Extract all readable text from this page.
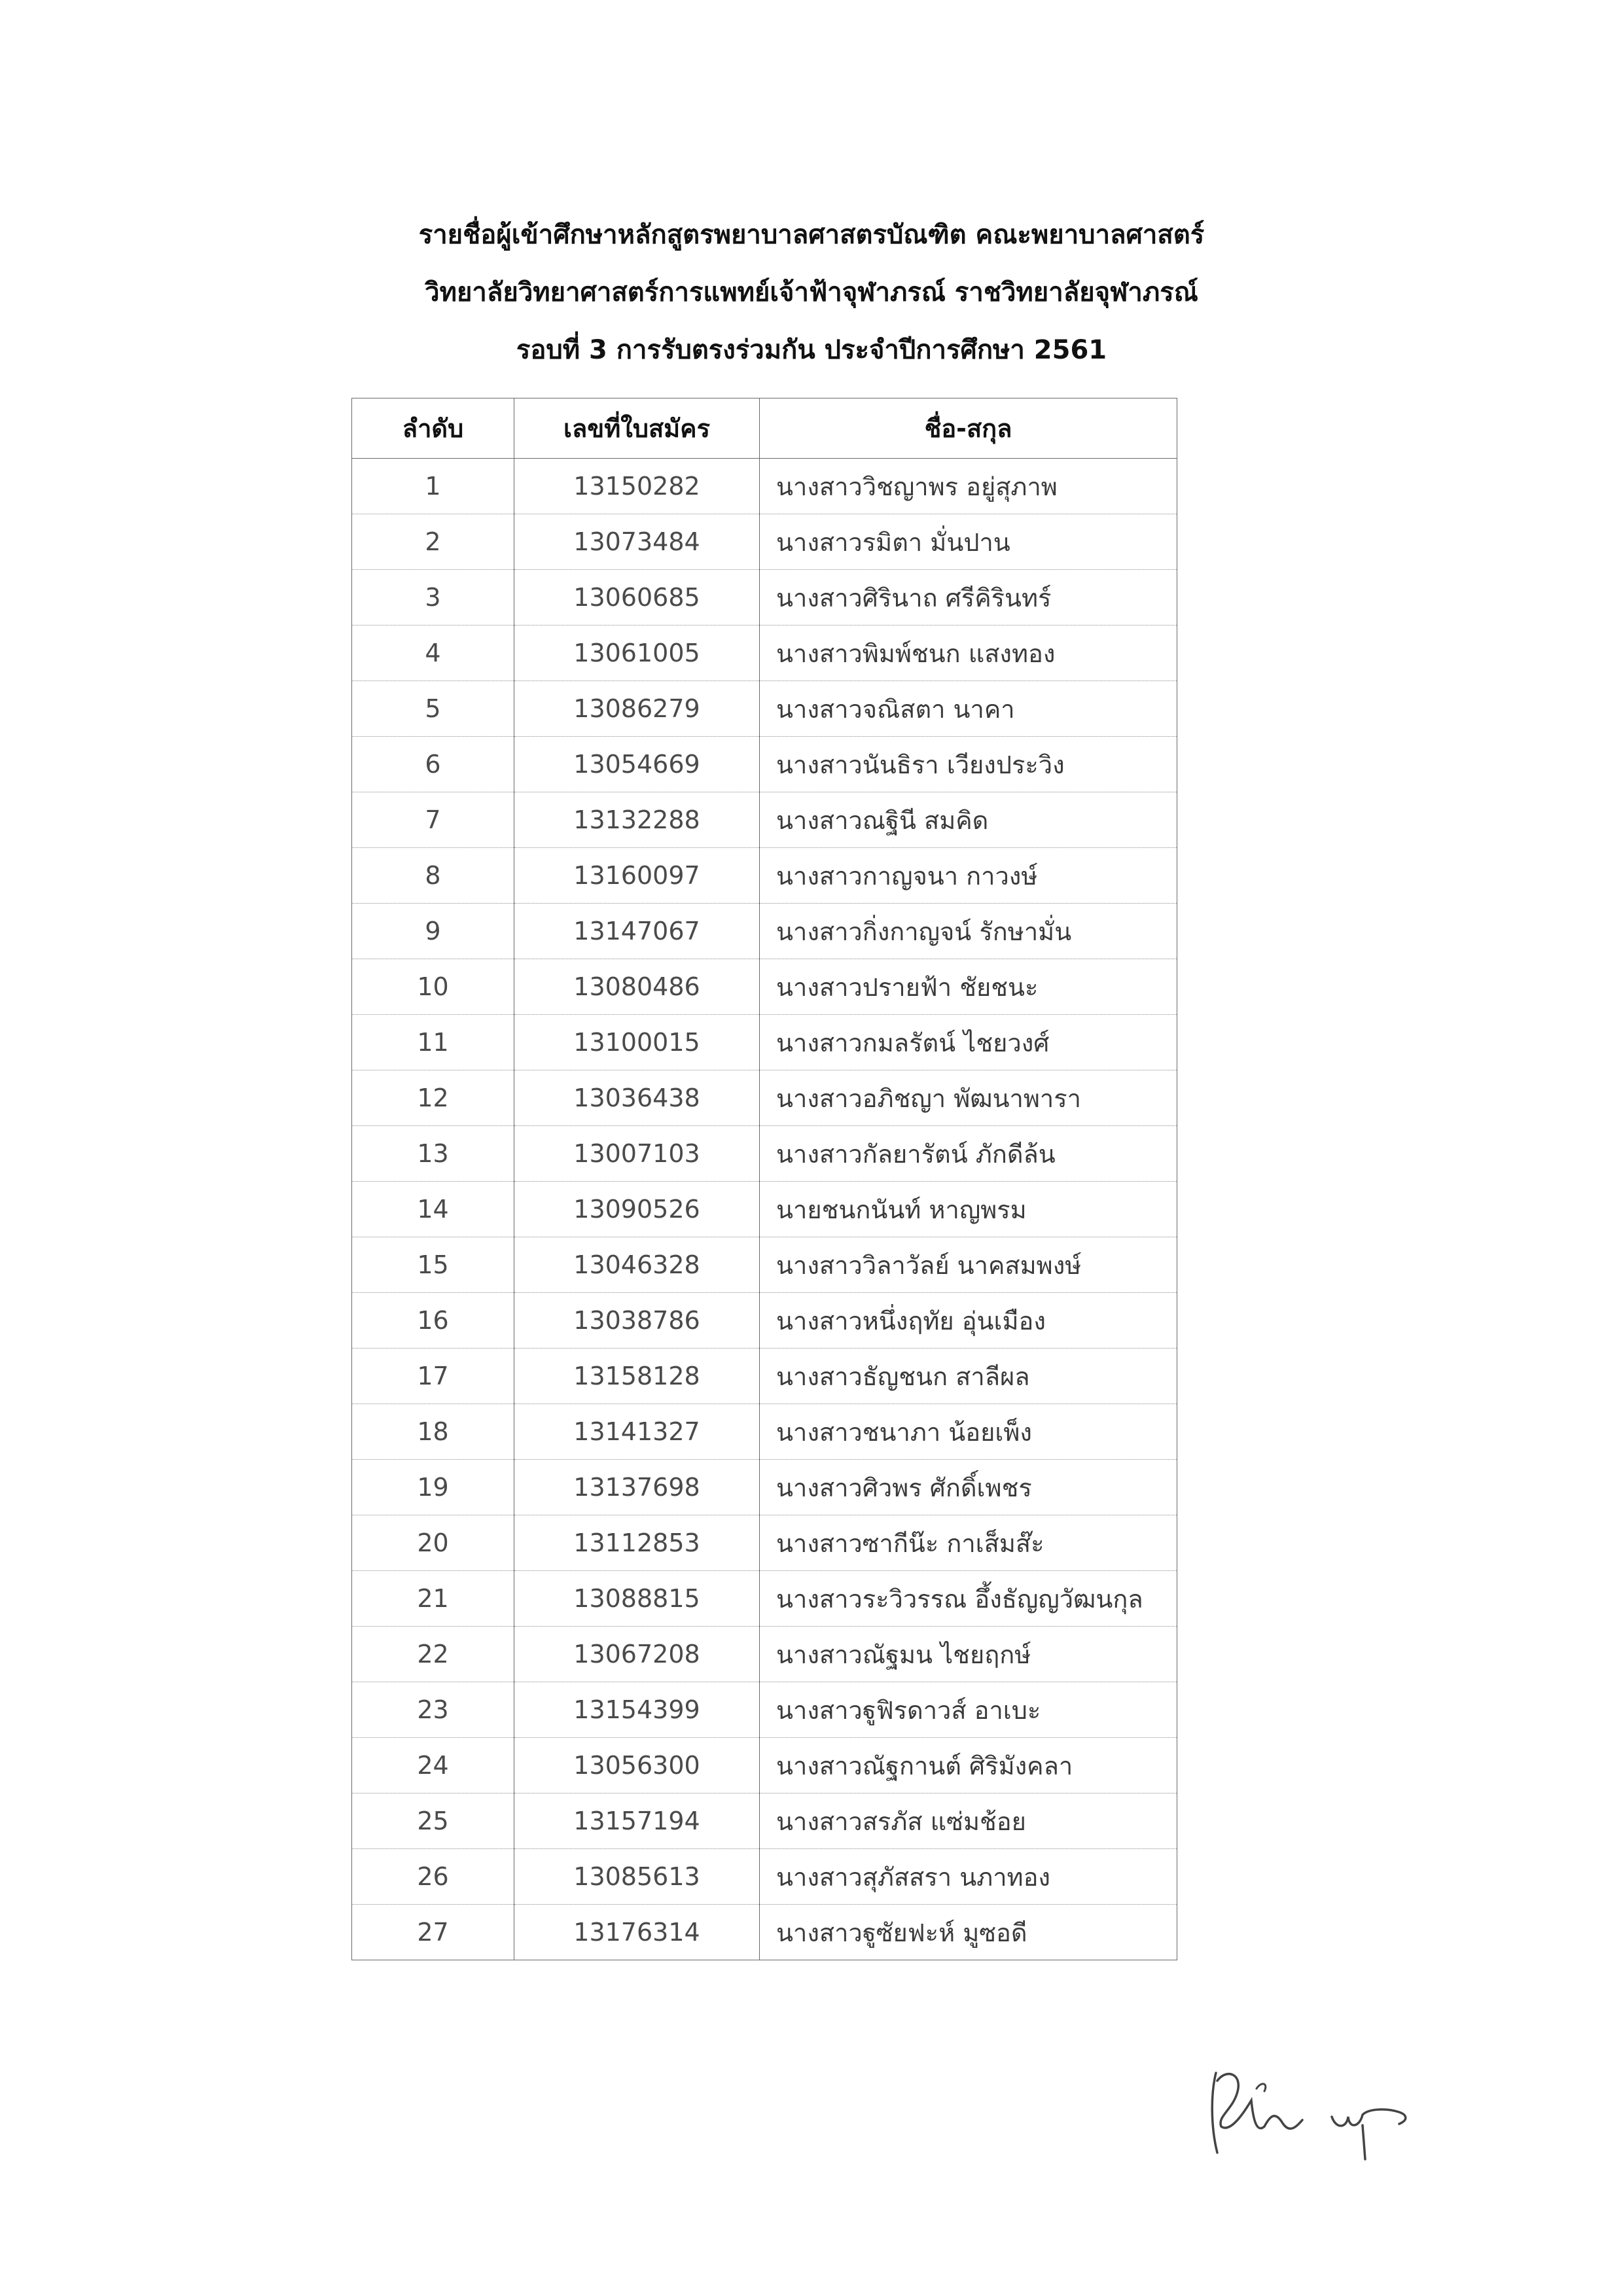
รายชื่อผู้เข้าศึกษาหลักสูตรพยาบาลศาสตรบัณฑิต คณะพยาบาลศาสตร์
วิทยาลัยวิทยาศาสตร์การแพทย์เจ้าฟ้าจุฬาภรณ์ ราชวิทยาลัยจุฬาภรณ์
รอบที่ 3 การรับตรงร่วมกัน ประจำปีการศึกษา 2561
ลำดับ	เลขที่ใบสมัคร	ชื่อ-สกุล
1	13150282	นางสาววิชญาพร อยู่สุภาพ
2	13073484	นางสาวรมิตา มั่นปาน
3	13060685	นางสาวศิรินาถ ศรีคิรินทร์
4	13061005	นางสาวพิมพ์ชนก แสงทอง
5	13086279	นางสาวจณิสตา นาคา
6	13054669	นางสาวนันธิรา เวียงประวิง
7	13132288	นางสาวณฐินี สมคิด
8	13160097	นางสาวกาญจนา กาวงษ์
9	13147067	นางสาวกิ่งกาญจน์ รักษามั่น
10	13080486	นางสาวปรายฟ้า ชัยชนะ
11	13100015	นางสาวกมลรัตน์ ไชยวงศ์
12	13036438	นางสาวอภิชญา พัฒนาพารา
13	13007103	นางสาวกัลยารัตน์ ภักดีล้น
14	13090526	นายชนกนันท์ หาญพรม
15	13046328	นางสาววิลาวัลย์ นาคสมพงษ์
16	13038786	นางสาวหนึ่งฤทัย อุ่นเมือง
17	13158128	นางสาวธัญชนก สาลีผล
18	13141327	นางสาวชนาภา น้อยเพ็ง
19	13137698	นางสาวศิวพร ศักดิ์เพชร
20	13112853	นางสาวซากีน๊ะ กาเส็มส๊ะ
21	13088815	นางสาวระวิวรรณ อึ้งธัญญวัฒนกุล
22	13067208	นางสาวณัฐมน ไชยฤกษ์
23	13154399	นางสาวฐูฟิรดาวส์ อาเบะ
24	13056300	นางสาวณัฐกานต์ ศิริมังคลา
25	13157194	นางสาวสรภัส แซ่มช้อย
26	13085613	นางสาวสุภัสสรา นภาทอง
27	13176314	นางสาวฐูซัยฟะห์ มูซอดี
